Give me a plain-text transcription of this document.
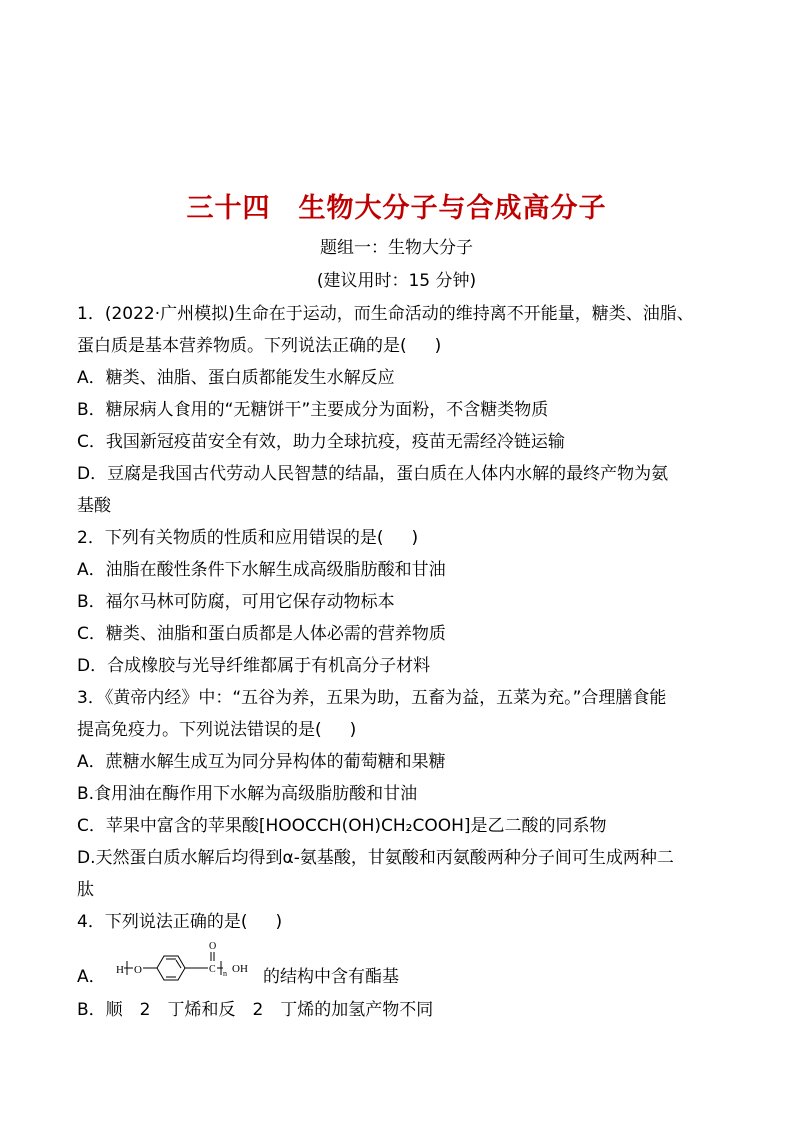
三十四　生物大分子与合成高分子
题组一：生物大分子
(建议用时：15 分钟)
1．(2022·广州模拟)生命在于运动，而生命活动的维持离不开能量，糖类、油脂、
蛋白质是基本营养物质。下列说法正确的是( )
A．糖类、油脂、蛋白质都能发生水解反应
B．糖尿病人食用的“无糖饼干”主要成分为面粉，不含糖类物质
C．我国新冠疫苗安全有效，助力全球抗疫，疫苗无需经冷链运输
D．豆腐是我国古代劳动人民智慧的结晶，蛋白质在人体内水解的最终产物为氨
基酸
2．下列有关物质的性质和应用错误的是( )
A．油脂在酸性条件下水解生成高级脂肪酸和甘油
B．福尔马林可防腐，可用它保存动物标本
C．糖类、油脂和蛋白质都是人体必需的营养物质
D．合成橡胶与光导纤维都属于有机高分子材料
3．《黄帝内经》中：“五谷为养，五果为助，五畜为益，五菜为充。”合理膳食能
提高免疫力。下列说法错误的是( )
A．蔗糖水解生成互为同分异构体的葡萄糖和果糖
B.食用油在酶作用下水解为高级脂肪酸和甘油
C．苹果中富含的苹果酸[HOOCCH(OH)CH₂COOH]是乙二酸的同系物
D.天然蛋白质水解后均得到α-氨基酸，甘氨酸和丙氨酸两种分子间可生成两种二
肽
4．下列说法正确的是( )
A． H O	C
O
n OH 的结构中含有酯基
B．顺　2　丁烯和反　2　丁烯的加氢产物不同
